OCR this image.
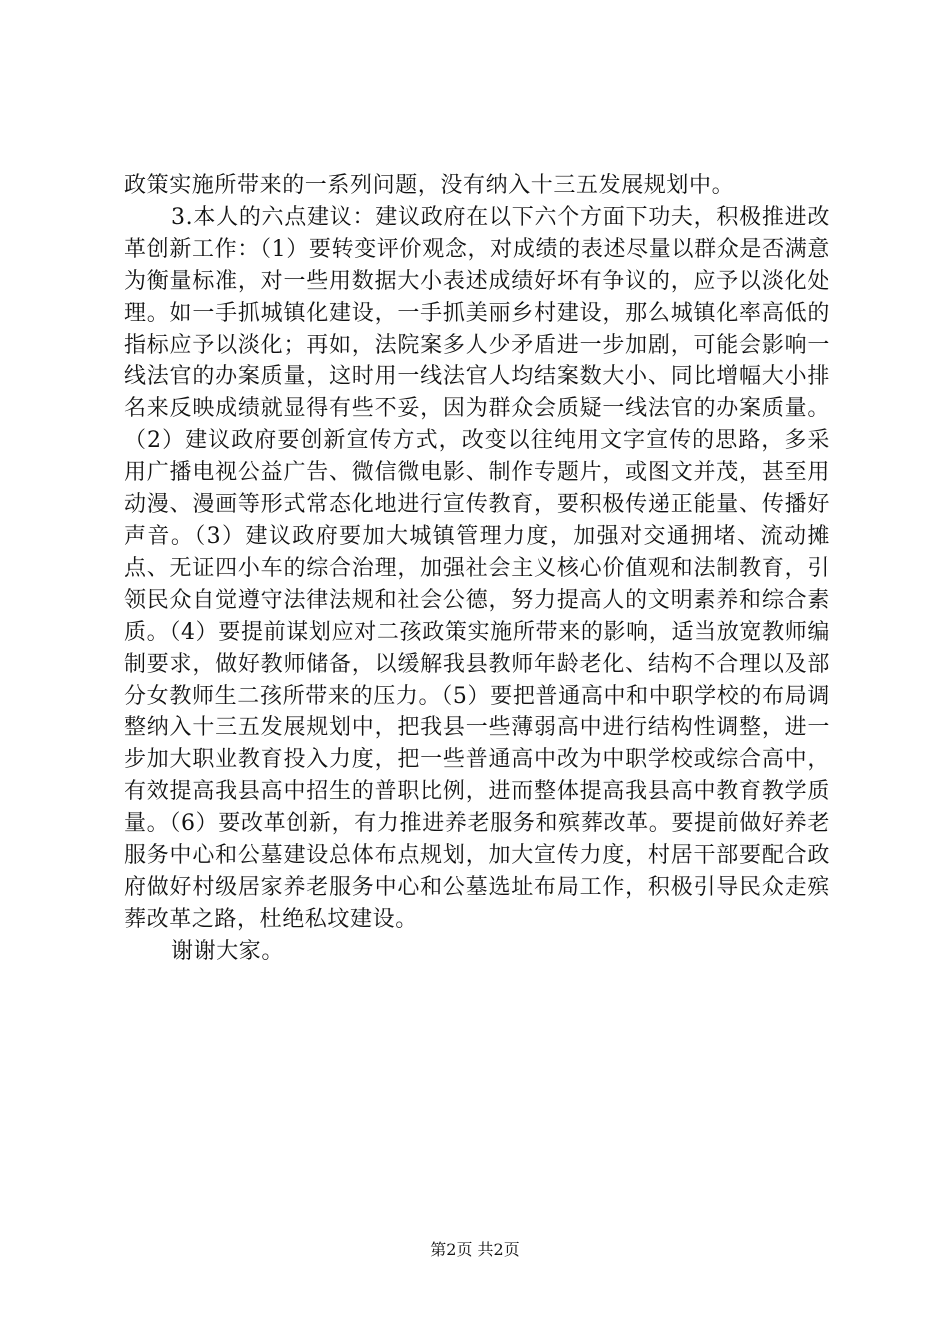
政策实施所带来的一系列问题，没有纳入十三五发展规划中。

3.本人的六点建议：建议政府在以下六个方面下功夫，积极推进改革创新工作：（1）要转变评价观念，对成绩的表述尽量以群众是否满意为衡量标准，对一些用数据大小表述成绩好坏有争议的，应予以淡化处理。如一手抓城镇化建设，一手抓美丽乡村建设，那么城镇化率高低的指标应予以淡化；再如，法院案多人少矛盾进一步加剧，可能会影响一线法官的办案质量，这时用一线法官人均结案数大小、同比增幅大小排名来反映成绩就显得有些不妥，因为群众会质疑一线法官的办案质量。（2）建议政府要创新宣传方式，改变以往纯用文字宣传的思路，多采用广播电视公益广告、微信微电影、制作专题片，或图文并茂，甚至用动漫、漫画等形式常态化地进行宣传教育，要积极传递正能量、传播好声音。（3）建议政府要加大城镇管理力度，加强对交通拥堵、流动摊点、无证四小车的综合治理，加强社会主义核心价值观和法制教育，引领民众自觉遵守法律法规和社会公德，努力提高人的文明素养和综合素质。（4）要提前谋划应对二孩政策实施所带来的影响，适当放宽教师编制要求，做好教师储备，以缓解我县教师年龄老化、结构不合理以及部分女教师生二孩所带来的压力。（5）要把普通高中和中职学校的布局调整纳入十三五发展规划中，把我县一些薄弱高中进行结构性调整，进一步加大职业教育投入力度，把一些普通高中改为中职学校或综合高中，有效提高我县高中招生的普职比例，进而整体提高我县高中教育教学质量。（6）要改革创新，有力推进养老服务和殡葬改革。要提前做好养老服务中心和公墓建设总体布点规划，加大宣传力度，村居干部要配合政府做好村级居家养老服务中心和公墓选址布局工作，积极引导民众走殡葬改革之路，杜绝私坟建设。

谢谢大家。

第2页 共2页
